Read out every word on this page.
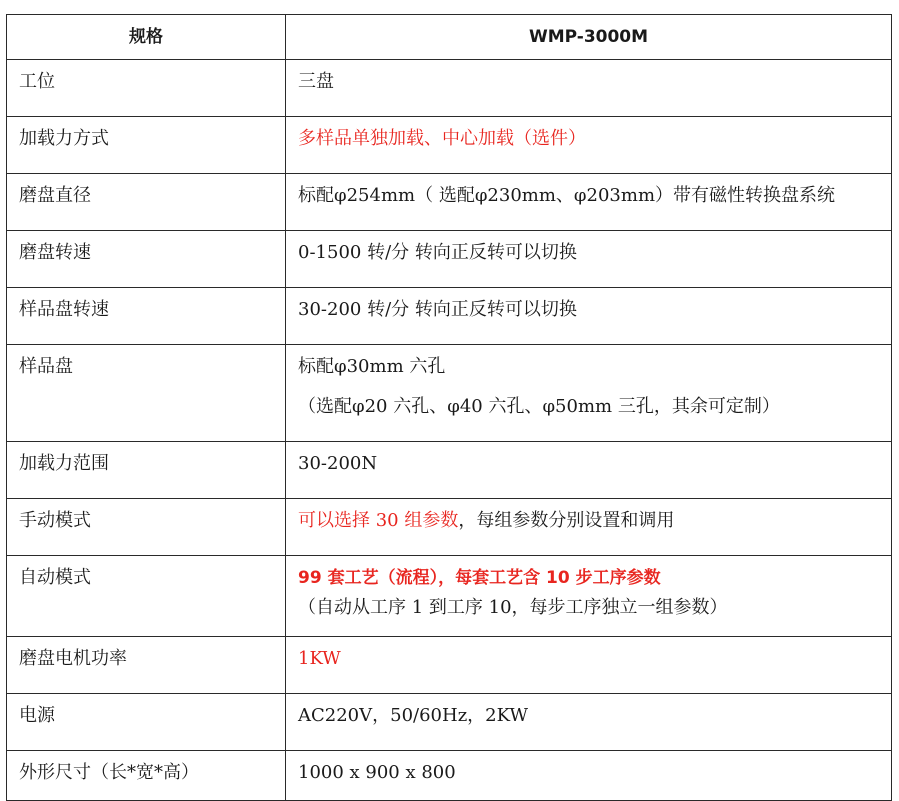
规格	WMP-3000M
工位	三盘
加载力方式	多样品单独加载、中心加载（选件）
磨盘直径	标配φ254mm（ 选配φ230mm、φ203mm）带有磁性转换盘系统
磨盘转速	0-1500 转/分 转向正反转可以切换
样品盘转速	30-200 转/分 转向正反转可以切换
样品盘	标配φ30mm 六孔
（选配φ20 六孔、φ40 六孔、φ50mm 三孔，其余可定制）

加载力范围	30-200N
手动模式	可以选择 30 组参数，每组参数分别设置和调用
自动模式	99 套工艺（流程），每套工艺含 10 步工序参数
（自动从工序 1 到工序 10，每步工序独立一组参数）

磨盘电机功率	1KW
电源	AC220V，50/60Hz，2KW
外形尺寸（长*宽*高）	1000 x 900 x 800
